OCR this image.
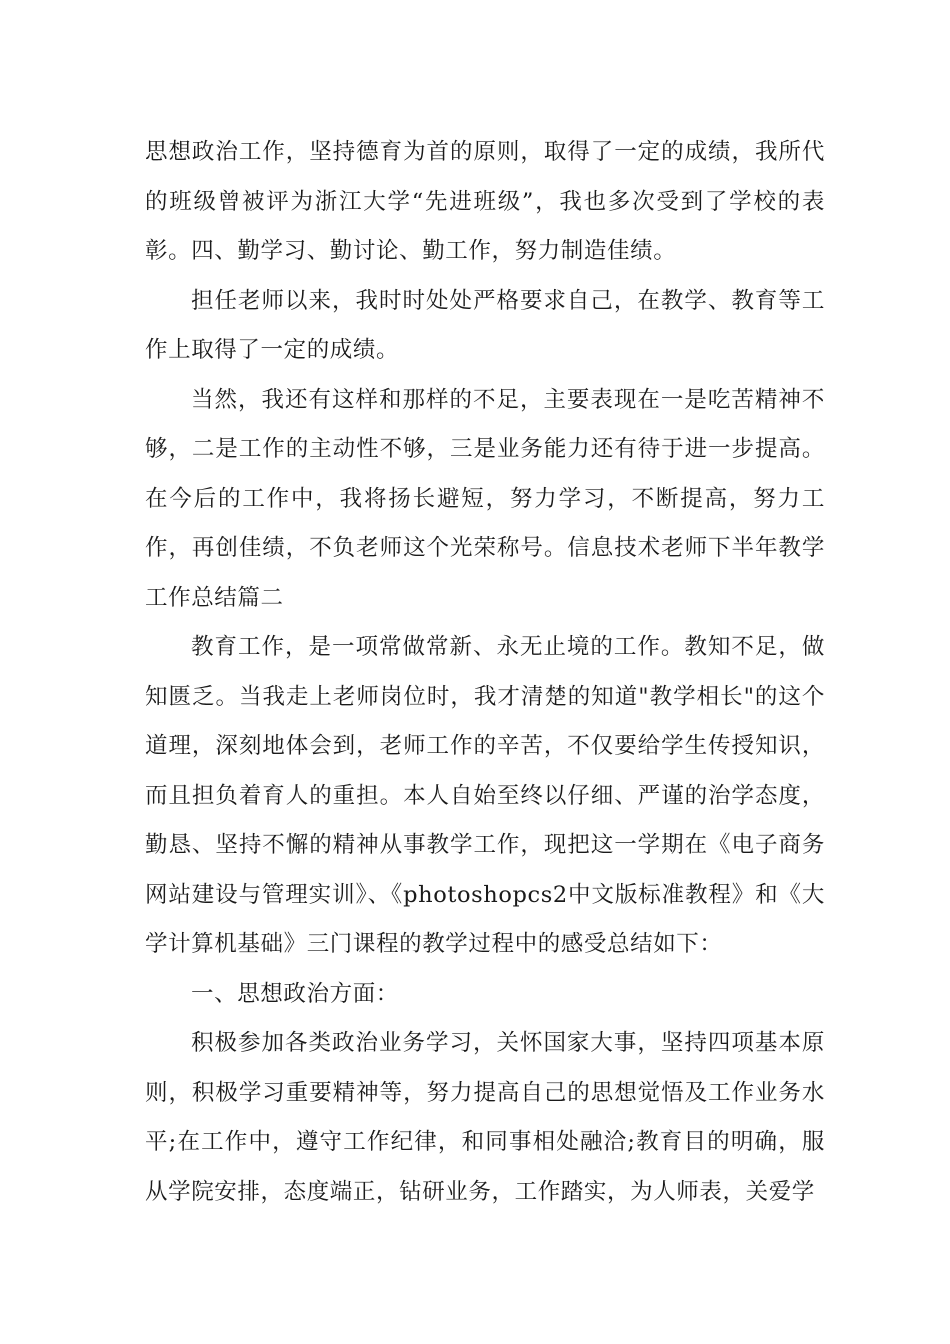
思想政治工作，坚持德育为首的原则，取得了一定的成绩，我所代的班级曾被评为浙江大学“先进班级”，我也多次受到了学校的表彰。四、勤学习、勤讨论、勤工作，努力制造佳绩。

担任老师以来，我时时处处严格要求自己，在教学、教育等工作上取得了一定的成绩。

当然，我还有这样和那样的不足，主要表现在一是吃苦精神不够，二是工作的主动性不够，三是业务能力还有待于进一步提高。在今后的工作中，我将扬长避短，努力学习，不断提高，努力工作，再创佳绩，不负老师这个光荣称号。信息技术老师下半年教学工作总结篇二

教育工作，是一项常做常新、永无止境的工作。教知不足，做知匮乏。当我走上老师岗位时，我才清楚的知道"教学相长"的这个道理，深刻地体会到，老师工作的辛苦，不仅要给学生传授知识，而且担负着育人的重担。本人自始至终以仔细、严谨的治学态度，勤恳、坚持不懈的精神从事教学工作，现把这一学期在《电子商务网站建设与管理实训》、《photoshopcs2中文版标准教程》和《大学计算机基础》三门课程的教学过程中的感受总结如下：

一、思想政治方面：

积极参加各类政治业务学习，关怀国家大事，坚持四项基本原则，积极学习重要精神等，努力提高自己的思想觉悟及工作业务水平;在工作中，遵守工作纪律，和同事相处融洽;教育目的明确，服从学院安排，态度端正，钻研业务，工作踏实，为人师表，关爱学
